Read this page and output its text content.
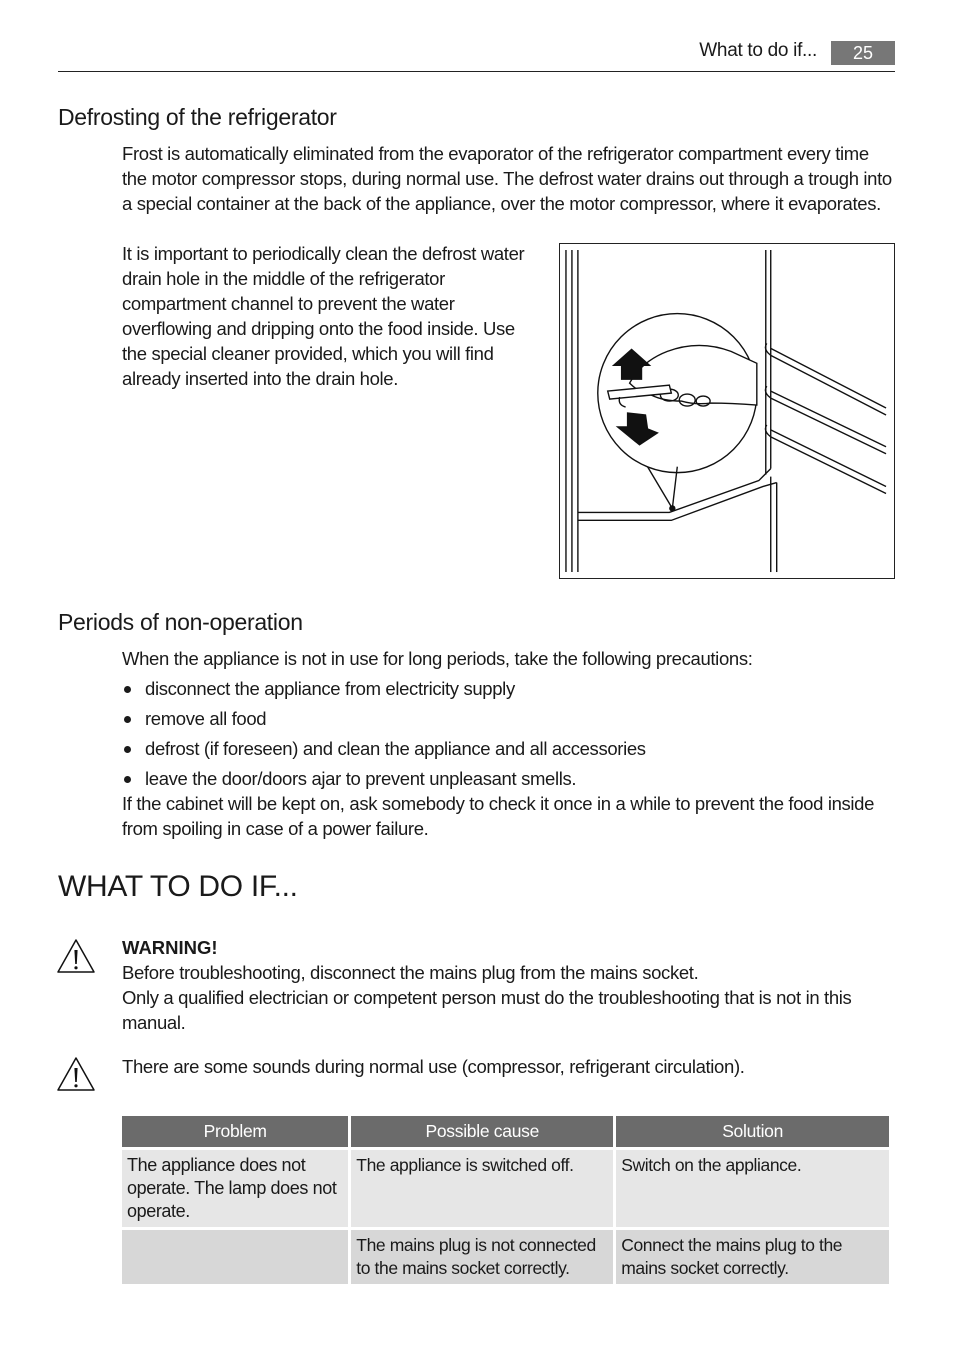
What to do if...	25
Defrosting of the refrigerator

Frost is automatically eliminated from the evaporator of the refrigerator compartment every time the motor compressor stops, during normal use. The defrost water drains out through a trough into a special container at the back of the appliance, over the motor compressor, where it evaporates.

It is important to periodically clean the defrost water drain hole in the middle of the refrigerator compartment channel to prevent the water overflowing and dripping onto the food inside. Use the special cleaner provided, which you will find already inserted into the drain hole.

Periods of non-operation

When the appliance is not in use for long periods, take the following precautions:

disconnect the appliance from electricity supply
remove all food
defrost (if foreseen) and clean the appliance and all accessories
leave the door/doors ajar to prevent unpleasant smells.

If the cabinet will be kept on, ask somebody to check it once in a while to prevent the food inside from spoiling in case of a power failure.

WHAT TO DO IF...
WARNING!
Before troubleshooting, disconnect the mains plug from the mains socket.
Only a qualified electrician or competent person must do the troubleshooting that is not in this manual.

There are some sounds during normal use (compressor, refrigerant circulation).

Problem	Possible cause	Solution
The appliance does not operate. The lamp does not operate.	The appliance is switched off.	Switch on the appliance.
	The mains plug is not connected to the mains socket correctly.	Connect the mains plug to the mains socket correctly.
